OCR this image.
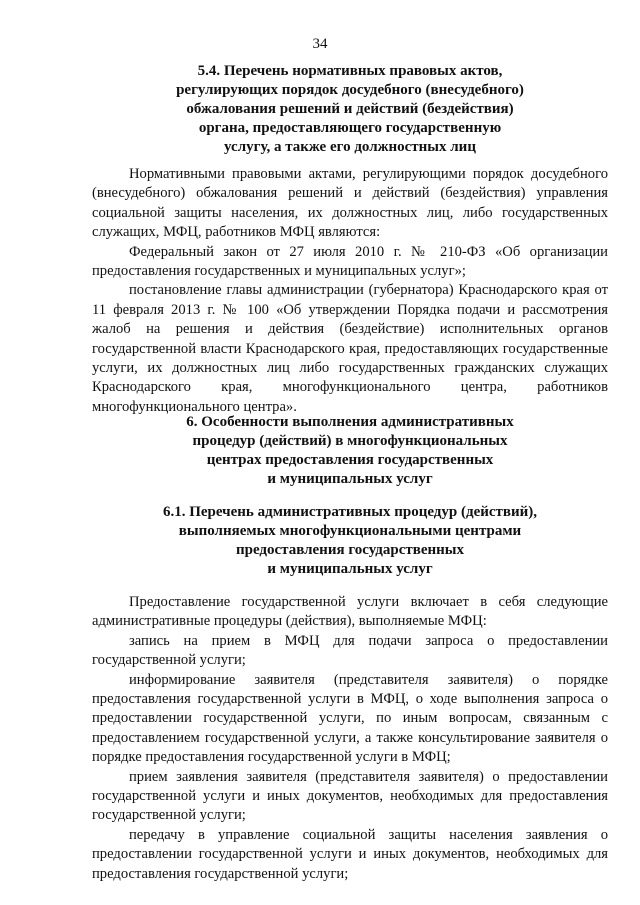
34
5.4. Перечень нормативных правовых актов,
регулирующих порядок досудебного (внесудебного)
обжалования решений и действий (бездействия)
органа, предоставляющего государственную
услугу, а также его должностных лиц

Нормативными правовыми актами, регулирующими порядок досудебного (внесудебного) обжалования решений и действий (бездействия) управления социальной защиты населения, их должностных лиц, либо государственных служащих, МФЦ, работников МФЦ являются:

Федеральный закон от 27 июля 2010 г. № 210-ФЗ «Об организации предоставления государственных и муниципальных услуг»;

постановление главы администрации (губернатора) Краснодарского края от 11 февраля 2013 г. № 100 «Об утверждении Порядка подачи и рассмотрения жалоб на решения и действия (бездействие) исполнительных органов государственной власти Краснодарского края, предоставляющих государственные услуги, их должностных лиц либо государственных гражданских служащих Краснодарского края, многофункционального центра, работников многофункционального центра».

6. Особенности выполнения административных
процедур (действий) в многофункциональных
центрах предоставления государственных
и муниципальных услуг
6.1. Перечень административных процедур (действий),
выполняемых многофункциональными центрами
предоставления государственных
и муниципальных услуг

Предоставление государственной услуги включает в себя следующие административные процедуры (действия), выполняемые МФЦ:

запись на прием в МФЦ для подачи запроса о предоставлении государственной услуги;

информирование заявителя (представителя заявителя) о порядке предоставления государственной услуги в МФЦ, о ходе выполнения запроса о предоставлении государственной услуги, по иным вопросам, связанным с предоставлением государственной услуги, а также консультирование заявителя о порядке предоставления государственной услуги в МФЦ;

прием заявления заявителя (представителя заявителя) о предоставлении государственной услуги и иных документов, необходимых для предоставления государственной услуги;

передачу в управление социальной защиты населения заявления о предоставлении государственной услуги и иных документов, необходимых для предоставления государственной услуги;
